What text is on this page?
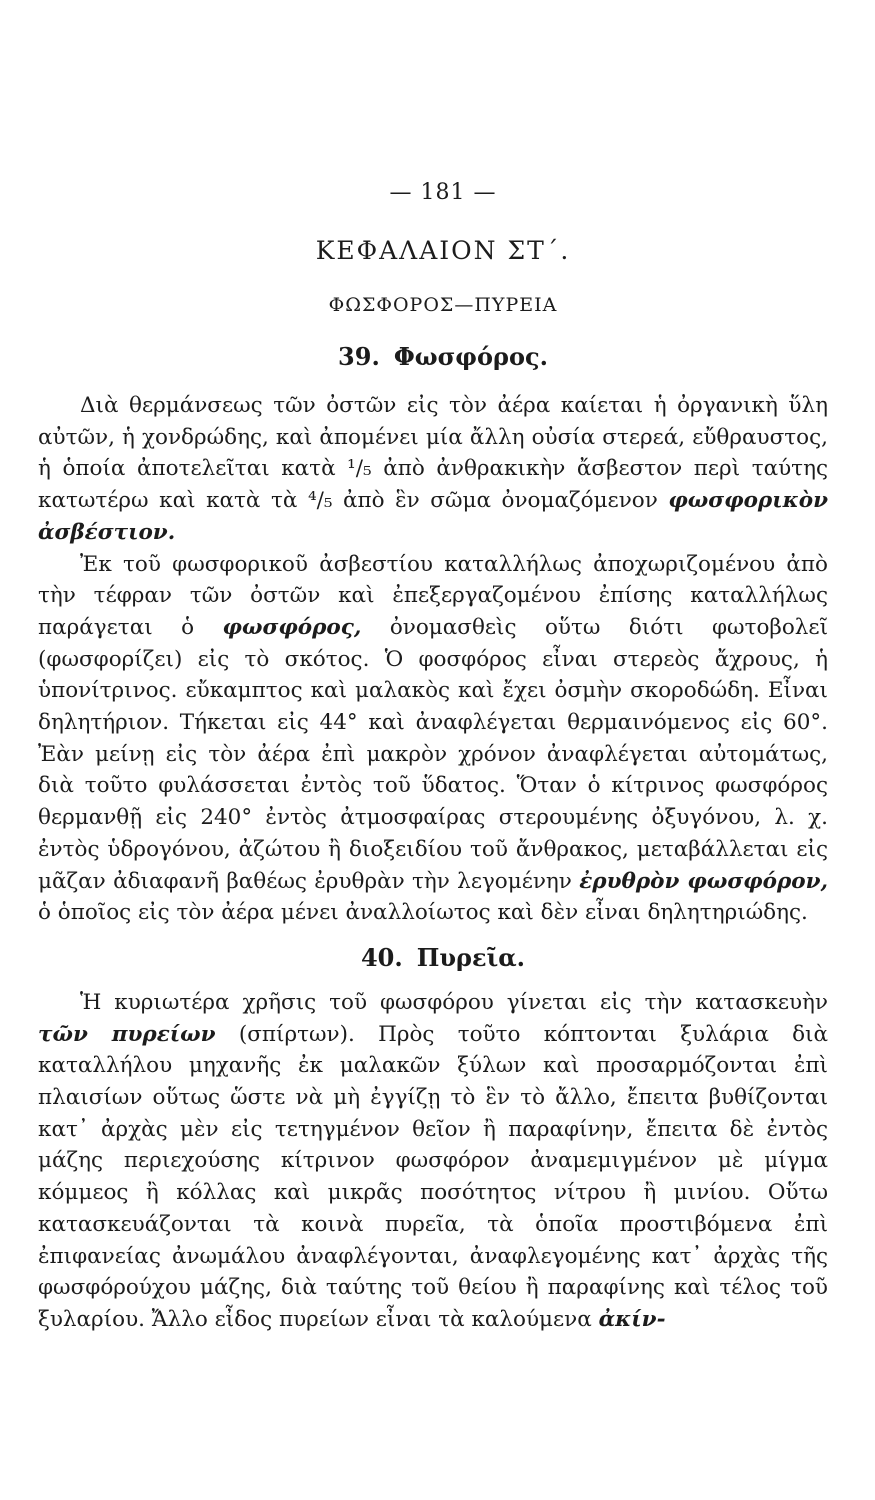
— 181 —
ΚΕΦΑΛΑΙΟΝ ΣΤ΄.
ΦΩΣΦΟΡΟΣ—ΠΥΡΕΙΑ
39. Φωσφόρος.

Διὰ θερμάνσεως τῶν ὀστῶν εἰς τὸν ἀέρα καίεται ἡ ὀργανικὴ ὕλη αὐτῶν, ἡ χονδρώδης, καὶ ἀπομένει μία ἄλλη οὐσία στερεά, εὔθραυστος, ἡ ὁποία ἀποτελεῖται κατὰ ¹/₅ ἀπὸ ἀνθρακικὴν ἄσβεστον περὶ ταύτης κατωτέρω καὶ κατὰ τὰ ⁴/₅ ἀπὸ ἓν σῶμα ὀνομαζόμενον φωσφορικὸν ἀσβέστιον.

Ἐκ τοῦ φωσφορικοῦ ἀσβεστίου καταλλήλως ἀποχωριζομένου ἀπὸ τὴν τέφραν τῶν ὀστῶν καὶ ἐπεξεργαζομένου ἐπίσης καταλλήλως παράγεται ὁ φωσφόρος, ὀνομασθεὶς οὕτω διότι φωτοβολεῖ (φωσφορίζει) εἰς τὸ σκότος. Ὁ φοσφόρος εἶναι στερεὸς ἄχρους, ἡ ὑπονίτρινος. εὔκαμπτος καὶ μαλακὸς καὶ ἔχει ὀσμὴν σκοροδώδη. Εἶναι δηλητήριον. Τήκεται εἰς 44° καὶ ἀναφλέγεται θερμαινόμενος εἰς 60°. Ἐὰν μείνῃ εἰς τὸν ἀέρα ἐπὶ μακρὸν χρόνον ἀναφλέγεται αὐτομάτως, διὰ τοῦτο φυλάσσεται ἐντὸς τοῦ ὕδατος. Ὅταν ὁ κίτρινος φωσφόρος θερμανθῇ εἰς 240° ἐντὸς ἀτμοσφαίρας στερουμένης ὀξυγόνου, λ. χ. ἐντὸς ὑδρογόνου, ἀζώτου ἢ διοξειδίου τοῦ ἄνθρακος, μεταβάλλεται εἰς μᾶζαν ἀδιαφανῆ βαθέως ἐρυθρὰν τὴν λεγομένην ἐρυθρὸν φωσφόρον, ὁ ὁποῖος εἰς τὸν ἀέρα μένει ἀναλλοίωτος καὶ δὲν εἶναι δηλητηριώδης.

40. Πυρεῖα.

Ἡ κυριωτέρα χρῆσις τοῦ φωσφόρου γίνεται εἰς τὴν κατασκευὴν τῶν πυρείων (σπίρτων). Πρὸς τοῦτο κόπτονται ξυλάρια διὰ καταλλήλου μηχανῆς ἐκ μαλακῶν ξύλων καὶ προσαρμόζονται ἐπὶ πλαισίων οὕτως ὥστε νὰ μὴ ἐγγίζῃ τὸ ἓν τὸ ἄλλο, ἔπειτα βυθίζονται κατ᾽ ἀρχὰς μὲν εἰς τετηγμένον θεῖον ἢ παραφίνην, ἔπειτα δὲ ἐντὸς μάζης περιεχούσης κίτρινον φωσφόρον ἀναμεμιγμένον μὲ μίγμα κόμμεος ἢ κόλλας καὶ μικρᾶς ποσότητος νίτρου ἢ μινίου. Οὕτω κατασκευάζονται τὰ κοινὰ πυρεῖα, τὰ ὁποῖα προστιβόμενα ἐπὶ ἐπιφανείας ἀνωμάλου ἀναφλέγονται, ἀναφλεγομένης κατ᾽ ἀρχὰς τῆς φωσφόρούχου μάζης, διὰ ταύτης τοῦ θείου ἢ παραφίνης καὶ τέλος τοῦ ξυλαρίου. Ἄλλο εἶδος πυρείων εἶναι τὰ καλούμενα ἀκίν-
